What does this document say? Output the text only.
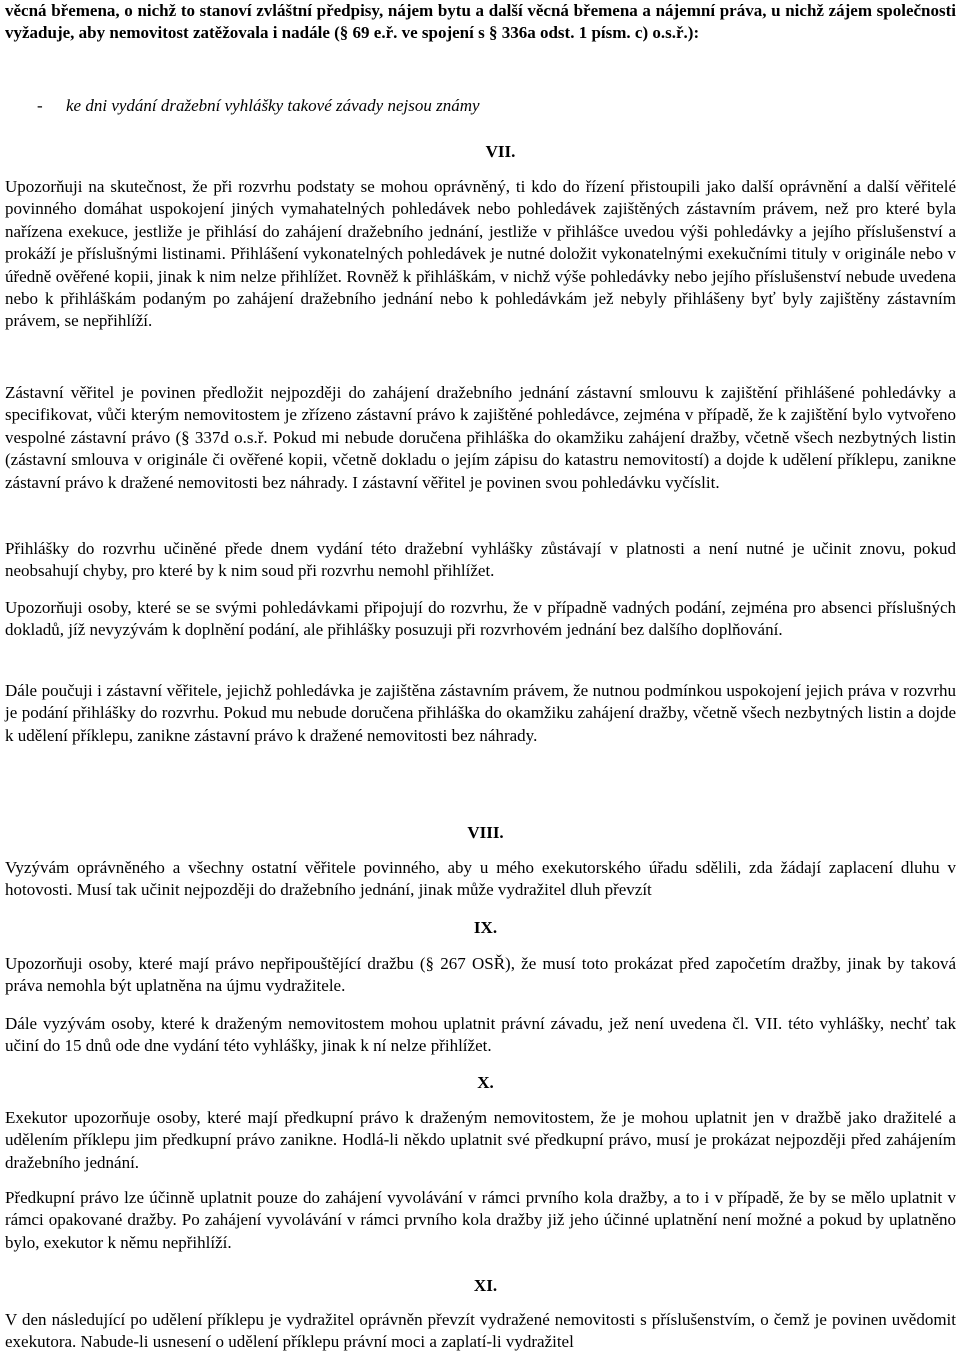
věcná břemena, o nichž to stanoví zvláštní předpisy, nájem bytu a další věcná břemena a nájemní práva, u nichž zájem společnosti vyžaduje, aby nemovitost zatěžovala i nadále (§ 69 e.ř. ve spojení s § 336a odst. 1 písm. c) o.s.ř.):

- ke dni vydání dražební vyhlášky takové závady nejsou známy

VII.

Upozorňuji na skutečnost, že při rozvrhu podstaty se mohou oprávněný, ti kdo do řízení přistoupili jako další oprávnění a další věřitelé povinného domáhat uspokojení jiných vymahatelných pohledávek nebo pohledávek zajištěných zástavním právem, než pro které byla nařízena exekuce, jestliže je přihlásí do zahájení dražebního jednání, jestliže v přihlášce uvedou výši pohledávky a jejího příslušenství a prokáží je příslušnými listinami. Přihlášení vykonatelných pohledávek je nutné doložit vykonatelnými exekučními tituly v originále nebo v úředně ověřené kopii, jinak k nim nelze přihlížet. Rovněž k přihláškám, v nichž výše pohledávky nebo jejího příslušenství nebude uvedena nebo k přihláškám podaným po zahájení dražebního jednání nebo k pohledávkám jež nebyly přihlášeny byť byly zajištěny zástavním právem, se nepřihlíží.

Zástavní věřitel je povinen předložit nejpozději do zahájení dražebního jednání zástavní smlouvu k zajištění přihlášené pohledávky a specifikovat, vůči kterým nemovitostem je zřízeno zástavní právo k zajištěné pohledávce, zejména v případě, že k zajištění bylo vytvořeno vespolné zástavní právo (§ 337d o.s.ř. Pokud mi nebude doručena přihláška do okamžiku zahájení dražby, včetně všech nezbytných listin (zástavní smlouva v originále či ověřené kopii, včetně dokladu o jejím zápisu do katastru nemovitostí) a dojde k udělení příklepu, zanikne zástavní právo k dražené nemovitosti bez náhrady. I zástavní věřitel je povinen svou pohledávku vyčíslit.

Přihlášky do rozvrhu učiněné přede dnem vydání této dražební vyhlášky zůstávají v platnosti a není nutné je učinit znovu, pokud neobsahují chyby, pro které by k nim soud při rozvrhu nemohl přihlížet.

Upozorňuji osoby, které se se svými pohledávkami připojují do rozvrhu, že v případně vadných podání, zejména pro absenci příslušných dokladů, jíž nevyzývám k doplnění podání, ale přihlášky posuzuji při rozvrhovém jednání bez dalšího doplňování.

Dále poučuji i zástavní věřitele, jejichž pohledávka je zajištěna zástavním právem, že nutnou podmínkou uspokojení jejich práva v rozvrhu je podání přihlášky do rozvrhu. Pokud mu nebude doručena přihláška do okamžiku zahájení dražby, včetně všech nezbytných listin a dojde k udělení příklepu, zanikne zástavní právo k dražené nemovitosti bez náhrady.

VIII.

Vyzývám oprávněného a všechny ostatní věřitele povinného, aby u mého exekutorského úřadu sdělili, zda žádají zaplacení dluhu v hotovosti. Musí tak učinit nejpozději do dražebního jednání, jinak může vydražitel dluh převzít

IX.

Upozorňuji osoby, které mají právo nepřipouštějící dražbu (§ 267 OSŘ), že musí toto prokázat před započetím dražby, jinak by taková práva nemohla být uplatněna na újmu vydražitele.

Dále vyzývám osoby, které k draženým nemovitostem mohou uplatnit právní závadu, jež není uvedena čl. VII. této vyhlášky, nechť tak učiní do 15 dnů ode dne vydání této vyhlášky, jinak k ní nelze přihlížet.

X.

Exekutor upozorňuje osoby, které mají předkupní právo k draženým nemovitostem, že je mohou uplatnit jen v dražbě jako dražitelé a udělením příklepu jim předkupní právo zanikne. Hodlá-li někdo uplatnit své předkupní právo, musí je prokázat nejpozději před zahájením dražebního jednání.

Předkupní právo lze účinně uplatnit pouze do zahájení vyvolávání v rámci prvního kola dražby, a to i v případě, že by se mělo uplatnit v rámci opakované dražby. Po zahájení vyvolávání v rámci prvního kola dražby již jeho účinné uplatnění není možné a pokud by uplatněno bylo, exekutor k němu nepřihlíží.

XI.

V den následující po udělení příklepu je vydražitel oprávněn převzít vydražené nemovitosti s příslušenstvím, o čemž je povinen uvědomit exekutora. Nabude-li usnesení o udělení příklepu právní moci a zaplatí-li vydražitel
